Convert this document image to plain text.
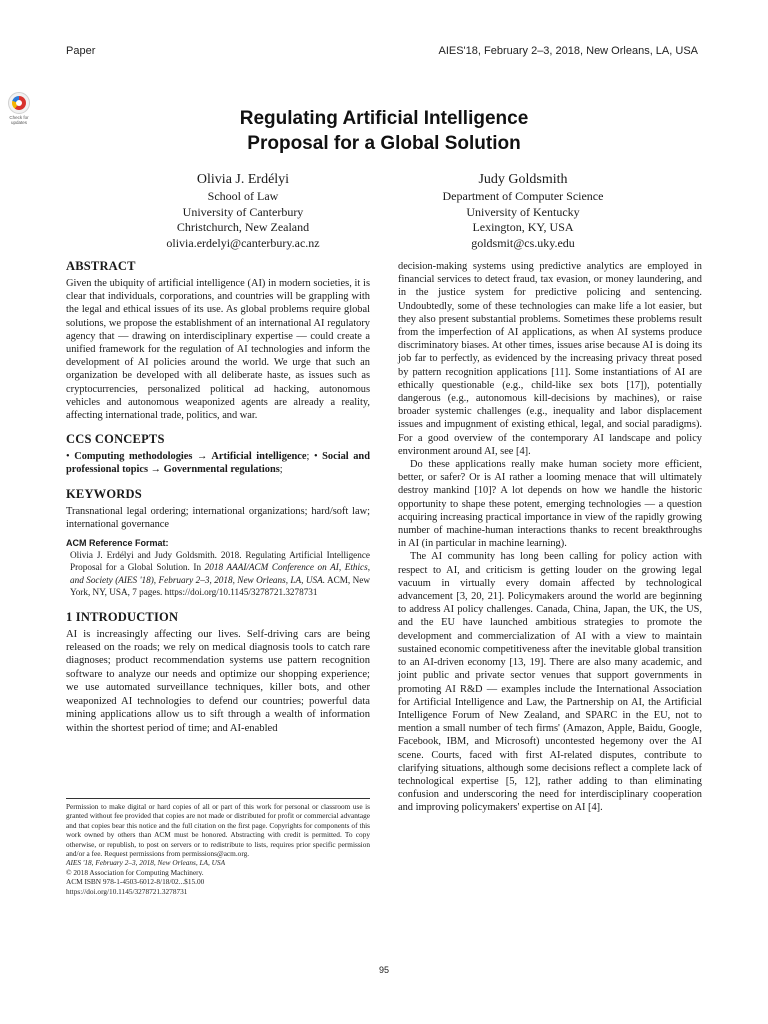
Paper	AIES'18, February 2–3, 2018, New Orleans, LA, USA
Check for updates	Regulating Artificial Intelligence
Proposal for a Global Solution
Olivia J. Erdélyi
School of Law
University of Canterbury
Christchurch, New Zealand
olivia.erdelyi@canterbury.ac.nz
Judy Goldsmith
Department of Computer Science
University of Kentucky
Lexington, KY, USA
goldsmit@cs.uky.edu
ABSTRACT

Given the ubiquity of artificial intelligence (AI) in modern societies, it is clear that individuals, corporations, and countries will be grappling with the legal and ethical issues of its use. As global problems require global solutions, we propose the establishment of an international AI regulatory agency that — drawing on interdisciplinary expertise — could create a unified framework for the regulation of AI technologies and inform the development of AI policies around the world. We urge that such an organization be developed with all deliberate haste, as issues such as cryptocurrencies, personalized political ad hacking, autonomous vehicles and autonomous weaponized agents are already a reality, affecting international trade, politics, and war.

CCS CONCEPTS

• Computing methodologies → Artificial intelligence; • Social and professional topics → Governmental regulations;

KEYWORDS

Transnational legal ordering; international organizations; hard/soft law; international governance

ACM Reference Format:

Olivia J. Erdélyi and Judy Goldsmith. 2018. Regulating Artificial Intelligence Proposal for a Global Solution. In 2018 AAAI/ACM Conference on AI, Ethics, and Society (AIES '18), February 2–3, 2018, New Orleans, LA, USA. ACM, New York, NY, USA, 7 pages. https://doi.org/10.1145/3278721.3278731

1 INTRODUCTION

AI is increasingly affecting our lives. Self-driving cars are being released on the roads; we rely on medical diagnosis tools to catch rare diagnoses; product recommendation systems use pattern recognition software to analyze our needs and optimize our shopping experience; we use automated surveillance techniques, killer bots, and other weaponized AI technologies to defend our countries; powerful data mining applications allow us to sift through a wealth of information within the shortest period of time; and AI-enabled

Permission to make digital or hard copies of all or part of this work for personal or classroom use is granted without fee provided that copies are not made or distributed for profit or commercial advantage and that copies bear this notice and the full citation on the first page. Copyrights for components of this work owned by others than ACM must be honored. Abstracting with credit is permitted. To copy otherwise, or republish, to post on servers or to redistribute to lists, requires prior specific permission and/or a fee. Request permissions from permissions@acm.org.

AIES '18, February 2–3, 2018, New Orleans, LA, USA

© 2018 Association for Computing Machinery.

ACM ISBN 978-1-4503-6012-8/18/02...$15.00

https://doi.org/10.1145/3278721.3278731

decision-making systems using predictive analytics are employed in financial services to detect fraud, tax evasion, or money laundering, and in the justice system for predictive policing and sentencing. Undoubtedly, some of these technologies can make life a lot easier, but they also present substantial problems. Sometimes these problems result from the imperfection of AI applications, as when AI systems produce discriminatory biases. At other times, issues arise because AI is doing its job far to perfectly, as evidenced by the increasing privacy threat posed by pattern recognition applications [11]. Some instantiations of AI are ethically questionable (e.g., child-like sex bots [17]), potentially dangerous (e.g., autonomous kill-decisions by machines), or raise broader systemic challenges (e.g., inequality and labor displacement issues and impugnment of existing ethical, legal, and social paradigms). For a good overview of the contemporary AI landscape and policy environment around AI, see [4].

Do these applications really make human society more efficient, better, or safer? Or is AI rather a looming menace that will ultimately destroy mankind [10]? A lot depends on how we handle the historic opportunity to shape these potent, emerging technologies — a question acquiring increasing practical importance in view of the rapidly growing number of machine-human interactions thanks to recent breakthroughs in AI (in particular in machine learning).

The AI community has long been calling for policy action with respect to AI, and criticism is getting louder on the growing legal vacuum in virtually every domain affected by technological advancement [3, 20, 21]. Policymakers around the world are beginning to address AI policy challenges. Canada, China, Japan, the UK, the US, and the EU have launched ambitious strategies to promote the development and commercialization of AI with a view to maintain sustained economic competitiveness after the inevitable global transition to an AI-driven economy [13, 19]. There are also many academic, and joint public and private sector venues that support governments in promoting AI R&D — examples include the International Association for Artificial Intelligence and Law, the Partnership on AI, the Artificial Intelligence Forum of New Zealand, and SPARC in the EU, not to mention a small number of tech firms' (Amazon, Apple, Baidu, Google, Facebook, IBM, and Microsoft) uncontested hegemony over the AI scene. Courts, faced with first AI-related disputes, contribute to clarifying situations, although some decisions reflect a complete lack of technological expertise [5, 12], rather adding to than eliminating confusion and underscoring the need for interdisciplinary cooperation and improving policymakers' expertise on AI [4].

95
